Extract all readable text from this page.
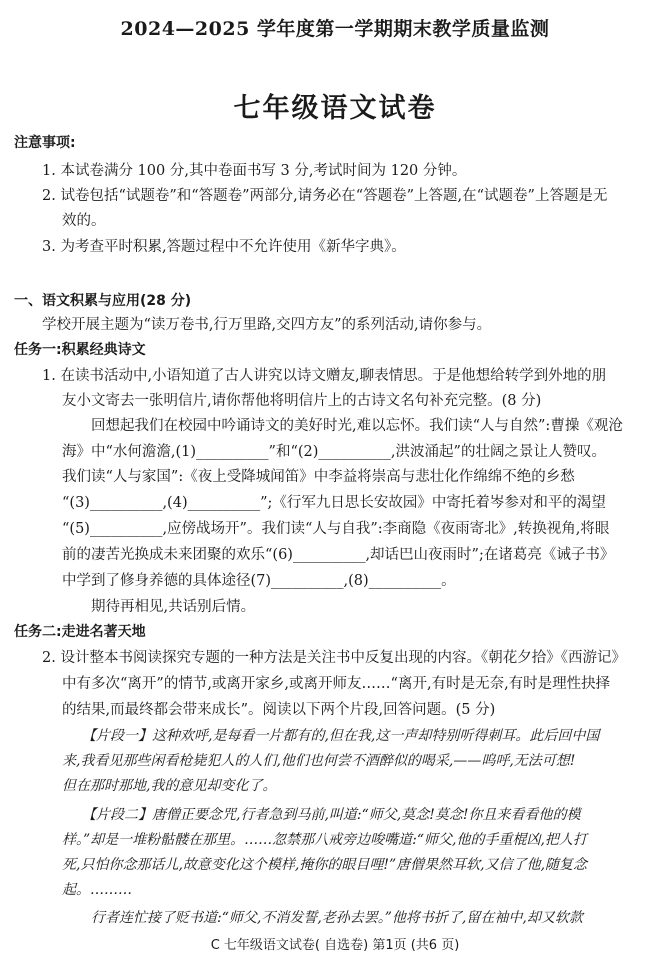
2024—2025 学年度第一学期期末教学质量监测
七年级语文试卷
注意事项:
1. 本试卷满分 100 分,其中卷面书写 3 分,考试时间为 120 分钟。
2. 试卷包括“试题卷”和“答题卷”两部分,请务必在“答题卷”上答题,在“试题卷”上答题是无
效的。
3. 为考查平时积累,答题过程中不允许使用《新华字典》。
一、语文积累与应用(28 分)
学校开展主题为“读万卷书,行万里路,交四方友”的系列活动,请你参与。
任务一:积累经典诗文
1. 在读书活动中,小语知道了古人讲究以诗文赠友,聊表情思。于是他想给转学到外地的朋
友小文寄去一张明信片,请你帮他将明信片上的古诗文名句补充完整。(8 分)
回想起我们在校园中吟诵诗文的美好时光,难以忘怀。我们读“人与自然”:曹操《观沧
海》中“水何澹澹,(1)__________”和“(2)__________,洪波涌起”的壮阔之景让人赞叹。
我们读“人与家国”:《夜上受降城闻笛》中李益将崇高与悲壮化作绵绵不绝的乡愁
“(3)__________,(4)__________”;《行军九日思长安故园》中寄托着岑参对和平的渴望
“(5)__________,应傍战场开”。我们读“人与自我”:李商隐《夜雨寄北》,转换视角,将眼
前的凄苦光换成未来团聚的欢乐“(6)__________,却话巴山夜雨时”;在诸葛亮《诫子书》
中学到了修身养德的具体途径(7)__________,(8)__________。
期待再相见,共话别后情。
任务二:走进名著天地
2. 设计整本书阅读探究专题的一种方法是关注书中反复出现的内容。《朝花夕拾》《西游记》
中有多次“离开”的情节,或离开家乡,或离开师友……“离开,有时是无奈,有时是理性抉择
的结果,而最终都会带来成长”。阅读以下两个片段,回答问题。(5 分)
【片段一】这种欢呼,是每看一片都有的,但在我,这一声却特别听得刺耳。此后回中国
来,我看见那些闲看枪毙犯人的人们,他们也何尝不酒醉似的喝采,——呜呼,无法可想!
但在那时那地,我的意见却变化了。
【片段二】唐僧正要念咒,行者急到马前,叫道:“师父,莫念!莫念!你且来看看他的模
样。”却是一堆粉骷髅在那里。……忽禁那八戒旁边唆嘴道:“师父,他的手重棍凶,把人打
死,只怕你念那话儿,故意变化这个模样,掩你的眼目哩!”唐僧果然耳软,又信了他,随复念
起。………
行者连忙接了贬书道:“师父,不消发誓,老孙去罢。”他将书折了,留在袖中,却又软款
C 七年级语文试卷( 自选卷) 第1页 (共6 页)
